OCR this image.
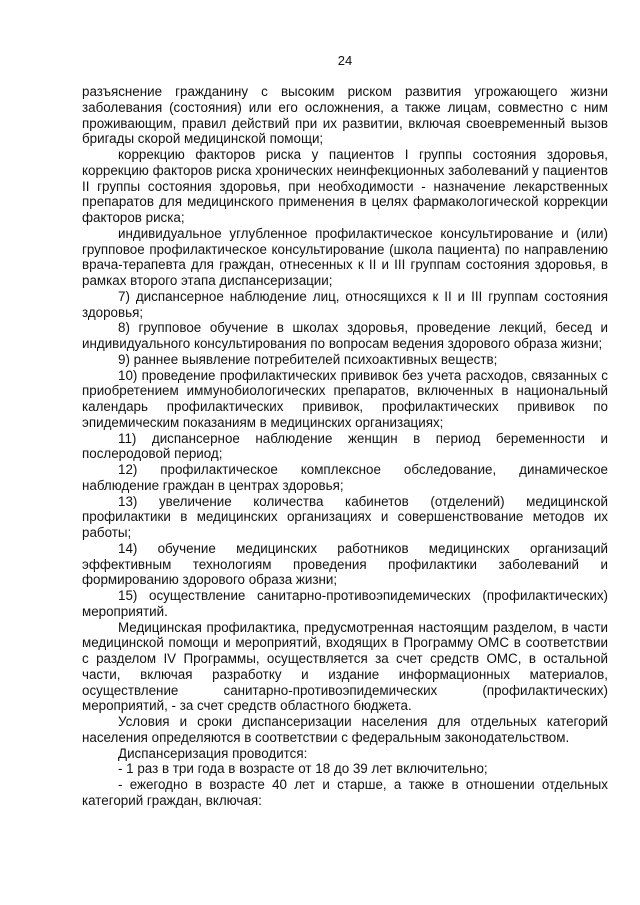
24

разъяснение гражданину с высоким риском развития угрожающего жизни заболевания (состояния) или его осложнения, а также лицам, совместно с ним проживающим, правил действий при их развитии, включая своевременный вызов бригады скорой медицинской помощи;

коррекцию факторов риска у пациентов I группы состояния здоровья, коррекцию факторов риска хронических неинфекционных заболеваний у пациентов II группы состояния здоровья, при необходимости - назначение лекарственных препаратов для медицинского применения в целях фармакологической коррекции факторов риска;

индивидуальное углубленное профилактическое консультирование и (или) групповое профилактическое консультирование (школа пациента) по направлению врача-терапевта для граждан, отнесенных к II и III группам состояния здоровья, в рамках второго этапа диспансеризации;

7) диспансерное наблюдение лиц, относящихся к II и III группам состояния здоровья;

8) групповое обучение в школах здоровья, проведение лекций, бесед и индивидуального консультирования по вопросам ведения здорового образа жизни;

9) раннее выявление потребителей психоактивных веществ;

10) проведение профилактических прививок без учета расходов, связанных с приобретением иммунобиологических препаратов, включенных в национальный календарь профилактических прививок, профилактических прививок по эпидемическим показаниям в медицинских организациях;

11) диспансерное наблюдение женщин в период беременности и послеродовой период;

12) профилактическое комплексное обследование, динамическое наблюдение граждан в центрах здоровья;

13) увеличение количества кабинетов (отделений) медицинской профилактики в медицинских организациях и совершенствование методов их работы;

14) обучение медицинских работников медицинских организаций эффективным технологиям проведения профилактики заболеваний и формированию здорового образа жизни;

15) осуществление санитарно-противоэпидемических (профилактических) мероприятий.

Медицинская профилактика, предусмотренная настоящим разделом, в части медицинской помощи и мероприятий, входящих в Программу ОМС в соответствии с разделом IV Программы, осуществляется за счет средств ОМС, в остальной части, включая разработку и издание информационных материалов, осуществление санитарно-противоэпидемических (профилактических) мероприятий, - за счет средств областного бюджета.

Условия и сроки диспансеризации населения для отдельных категорий населения определяются в соответствии с федеральным законодательством.

Диспансеризация проводится:

- 1 раз в три года в возрасте от 18 до 39 лет включительно;

- ежегодно в возрасте 40 лет и старше, а также в отношении отдельных категорий граждан, включая:
